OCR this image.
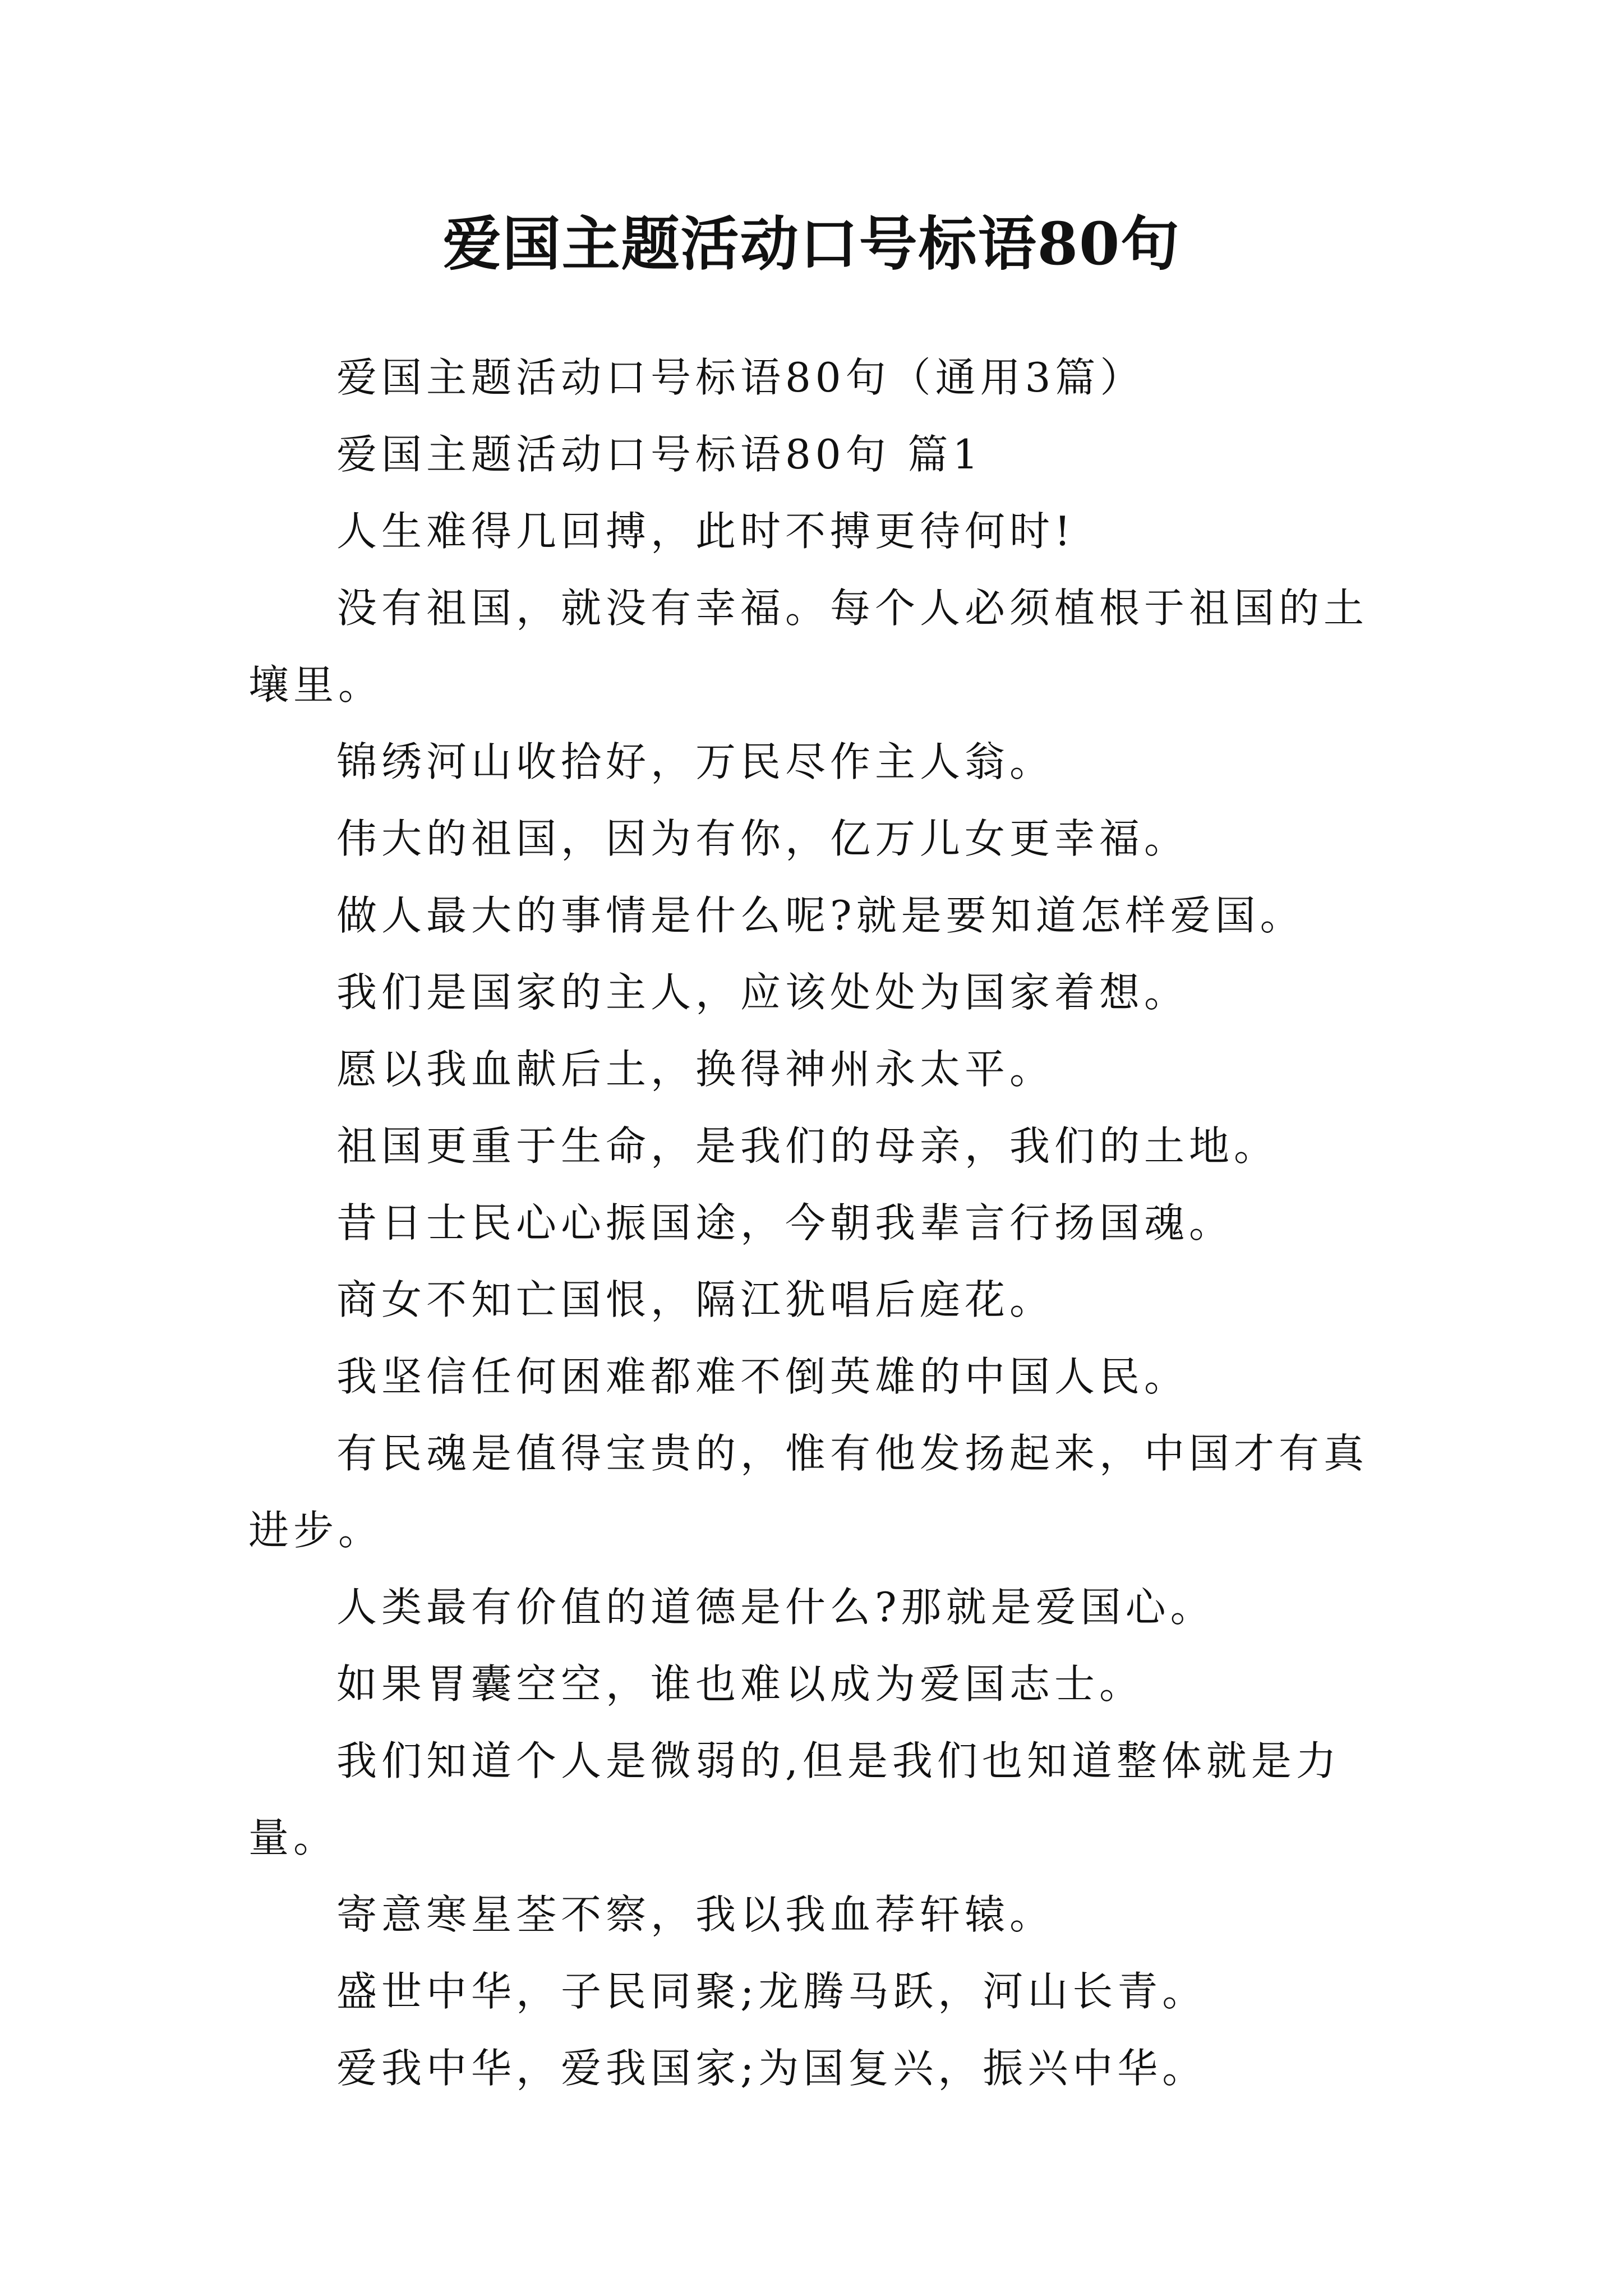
爱国主题活动口号标语80句

爱国主题活动口号标语80句（通用3篇）

爱国主题活动口号标语80句 篇1

人生难得几回搏，此时不搏更待何时!

没有祖国，就没有幸福。每个人必须植根于祖国的土壤里。

锦绣河山收拾好，万民尽作主人翁。

伟大的祖国，因为有你，亿万儿女更幸福。

做人最大的事情是什么呢?就是要知道怎样爱国。

我们是国家的主人，应该处处为国家着想。

愿以我血献后土，换得神州永太平。

祖国更重于生命，是我们的母亲，我们的土地。

昔日士民心心振国途，今朝我辈言行扬国魂。

商女不知亡国恨，隔江犹唱后庭花。

我坚信任何困难都难不倒英雄的中国人民。

有民魂是值得宝贵的，惟有他发扬起来，中国才有真进步。

人类最有价值的道德是什么?那就是爱国心。

如果胃囊空空，谁也难以成为爱国志士。

我们知道个人是微弱的,但是我们也知道整体就是力量。

寄意寒星荃不察，我以我血荐轩辕。

盛世中华，子民同聚;龙腾马跃，河山长青。

爱我中华，爱我国家;为国复兴，振兴中华。
